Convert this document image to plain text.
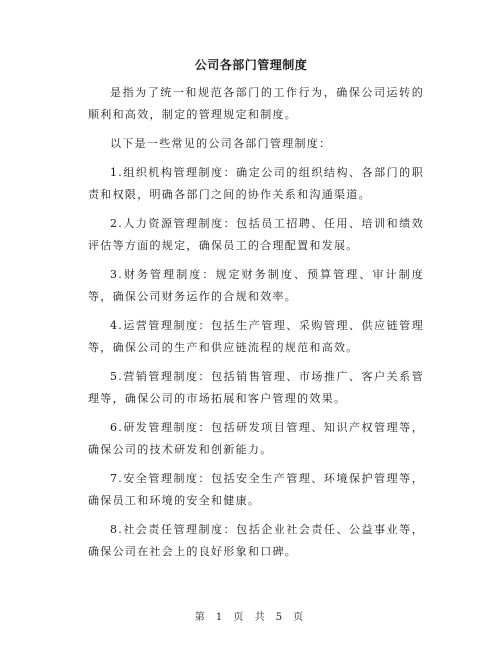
公司各部门管理制度

是指为了统一和规范各部门的工作行为，确保公司运转的顺利和高效，制定的管理规定和制度。

以下是一些常见的公司各部门管理制度：

1.组织机构管理制度：确定公司的组织结构、各部门的职责和权限，明确各部门之间的协作关系和沟通渠道。

2.人力资源管理制度：包括员工招聘、任用、培训和绩效评估等方面的规定，确保员工的合理配置和发展。

3.财务管理制度：规定财务制度、预算管理、审计制度等，确保公司财务运作的合规和效率。

4.运营管理制度：包括生产管理、采购管理、供应链管理等，确保公司的生产和供应链流程的规范和高效。

5.营销管理制度：包括销售管理、市场推广、客户关系管理等，确保公司的市场拓展和客户管理的效果。

6.研发管理制度：包括研发项目管理、知识产权管理等，确保公司的技术研发和创新能力。

7.安全管理制度：包括安全生产管理、环境保护管理等，确保员工和环境的安全和健康。

8.社会责任管理制度：包括企业社会责任、公益事业等，确保公司在社会上的良好形象和口碑。

第 1 页 共 5 页
